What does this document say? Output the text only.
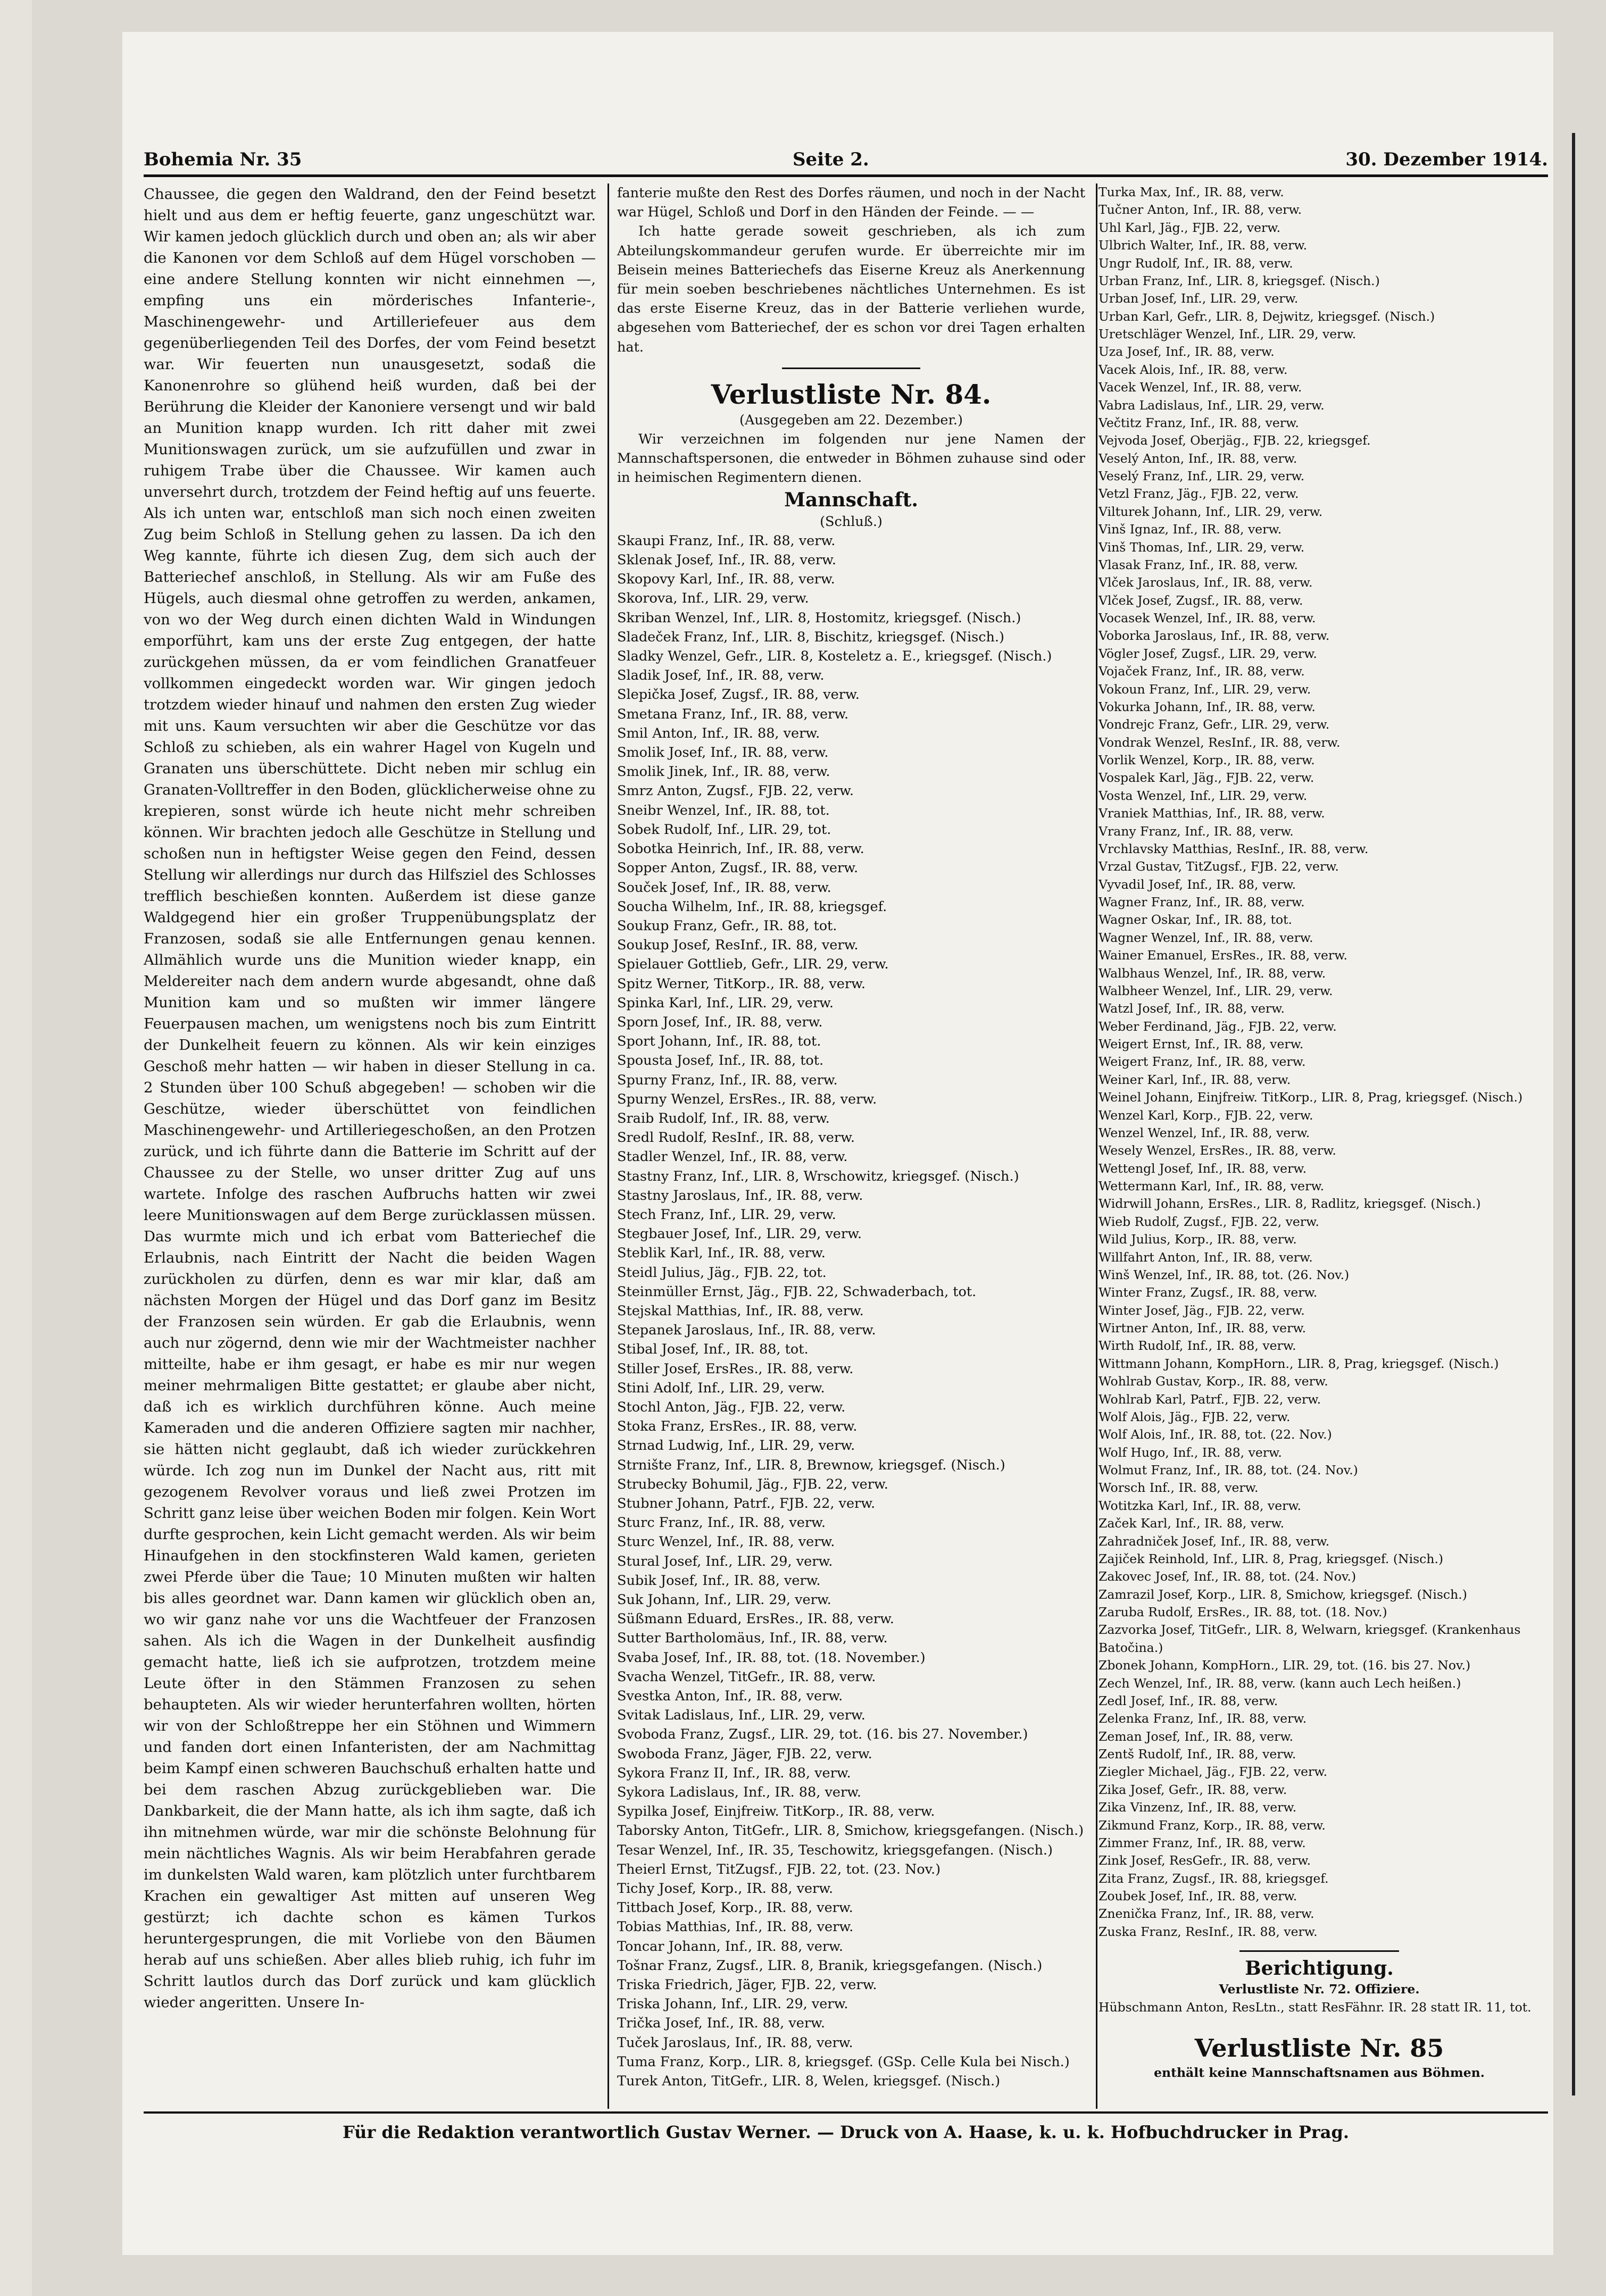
Bohemia Nr. 35	Seite 2.	30. Dezember 1914.

Chaussee, die gegen den Waldrand, den der Feind besetzt hielt und aus dem er heftig feuerte, ganz ungeschützt war. Wir kamen jedoch glücklich durch und oben an; als wir aber die Kanonen vor dem Schloß auf dem Hügel vorschoben — eine andere Stellung konnten wir nicht einnehmen —, empfing uns ein mörderisches Infanterie-, Maschinengewehr- und Artilleriefeuer aus dem gegenüberliegenden Teil des Dorfes, der vom Feind besetzt war. Wir feuerten nun unausgesetzt, sodaß die Kanonenrohre so glühend heiß wurden, daß bei der Berührung die Kleider der Kanoniere versengt und wir bald an Munition knapp wurden. Ich ritt daher mit zwei Munitionswagen zurück, um sie aufzufüllen und zwar in ruhigem Trabe über die Chaussee. Wir kamen auch unversehrt durch, trotzdem der Feind heftig auf uns feuerte. Als ich unten war, entschloß man sich noch einen zweiten Zug beim Schloß in Stellung gehen zu lassen. Da ich den Weg kannte, führte ich diesen Zug, dem sich auch der Batteriechef anschloß, in Stellung. Als wir am Fuße des Hügels, auch diesmal ohne getroffen zu werden, ankamen, von wo der Weg durch einen dichten Wald in Windungen emporführt, kam uns der erste Zug entgegen, der hatte zurückgehen müssen, da er vom feindlichen Granatfeuer vollkommen eingedeckt worden war. Wir gingen jedoch trotzdem wieder hinauf und nahmen den ersten Zug wieder mit uns. Kaum versuchten wir aber die Geschütze vor das Schloß zu schieben, als ein wahrer Hagel von Kugeln und Granaten uns überschüttete. Dicht neben mir schlug ein Granaten-Volltreffer in den Boden, glücklicherweise ohne zu krepieren, sonst würde ich heute nicht mehr schreiben können. Wir brachten jedoch alle Geschütze in Stellung und schoßen nun in heftigster Weise gegen den Feind, dessen Stellung wir allerdings nur durch das Hilfsziel des Schlosses trefflich beschießen konnten. Außerdem ist diese ganze Waldgegend hier ein großer Truppenübungsplatz der Franzosen, sodaß sie alle Entfernungen genau kennen. Allmählich wurde uns die Munition wieder knapp, ein Meldereiter nach dem andern wurde abgesandt, ohne daß Munition kam und so mußten wir immer längere Feuerpausen machen, um wenigstens noch bis zum Eintritt der Dunkelheit feuern zu können. Als wir kein einziges Geschoß mehr hatten — wir haben in dieser Stellung in ca. 2 Stunden über 100 Schuß abgegeben! — schoben wir die Geschütze, wieder überschüttet von feindlichen Maschinengewehr- und Artilleriegeschoßen, an den Protzen zurück, und ich führte dann die Batterie im Schritt auf der Chaussee zu der Stelle, wo unser dritter Zug auf uns wartete. Infolge des raschen Aufbruchs hatten wir zwei leere Munitionswagen auf dem Berge zurücklassen müssen. Das wurmte mich und ich erbat vom Batteriechef die Erlaubnis, nach Eintritt der Nacht die beiden Wagen zurückholen zu dürfen, denn es war mir klar, daß am nächsten Morgen der Hügel und das Dorf ganz im Besitz der Franzosen sein würden. Er gab die Erlaubnis, wenn auch nur zögernd, denn wie mir der Wachtmeister nachher mitteilte, habe er ihm gesagt, er habe es mir nur wegen meiner mehrmaligen Bitte gestattet; er glaube aber nicht, daß ich es wirklich durchführen könne. Auch meine Kameraden und die anderen Offiziere sagten mir nachher, sie hätten nicht geglaubt, daß ich wieder zurückkehren würde. Ich zog nun im Dunkel der Nacht aus, ritt mit gezogenem Revolver voraus und ließ zwei Protzen im Schritt ganz leise über weichen Boden mir folgen. Kein Wort durfte gesprochen, kein Licht gemacht werden. Als wir beim Hinaufgehen in den stockfinsteren Wald kamen, gerieten zwei Pferde über die Taue; 10 Minuten mußten wir halten bis alles geordnet war. Dann kamen wir glücklich oben an, wo wir ganz nahe vor uns die Wachtfeuer der Franzosen sahen. Als ich die Wagen in der Dunkelheit ausfindig gemacht hatte, ließ ich sie aufprotzen, trotzdem meine Leute öfter in den Stämmen Franzosen zu sehen behaupteten. Als wir wieder herunterfahren wollten, hörten wir von der Schloßtreppe her ein Stöhnen und Wimmern und fanden dort einen Infanteristen, der am Nachmittag beim Kampf einen schweren Bauchschuß erhalten hatte und bei dem raschen Abzug zurückgeblieben war. Die Dankbarkeit, die der Mann hatte, als ich ihm sagte, daß ich ihn mitnehmen würde, war mir die schönste Belohnung für mein nächtliches Wagnis. Als wir beim Herabfahren gerade im dunkelsten Wald waren, kam plötzlich unter furchtbarem Krachen ein gewaltiger Ast mitten auf unseren Weg gestürzt; ich dachte schon es kämen Turkos heruntergesprungen, die mit Vorliebe von den Bäumen herab auf uns schießen. Aber alles blieb ruhig, ich fuhr im Schritt lautlos durch das Dorf zurück und kam glücklich wieder angeritten. Unsere In-

fanterie mußte den Rest des Dorfes räumen, und noch in der Nacht war Hügel, Schloß und Dorf in den Händen der Feinde. — —

Ich hatte gerade soweit geschrieben, als ich zum Abteilungskommandeur gerufen wurde. Er überreichte mir im Beisein meines Batteriechefs das Eiserne Kreuz als Anerkennung für mein soeben beschriebenes nächtliches Unternehmen. Es ist das erste Eiserne Kreuz, das in der Batterie verliehen wurde, abgesehen vom Batteriechef, der es schon vor drei Tagen erhalten hat.

Verlustliste Nr. 84.
(Ausgegeben am 22. Dezember.)

Wir verzeichnen im folgenden nur jene Namen der Mannschaftspersonen, die entweder in Böhmen zuhause sind oder in heimischen Regimentern dienen.

Mannschaft.
(Schluß.)
Skaupi Franz, Inf., IR. 88, verw.
Sklenak Josef, Inf., IR. 88, verw.
Skopovy Karl, Inf., IR. 88, verw.
Skorova, Inf., LIR. 29, verw.
Skriban Wenzel, Inf., LIR. 8, Hostomitz, kriegsgef. (Nisch.)
Sladeček Franz, Inf., LIR. 8, Bischitz, kriegsgef. (Nisch.)
Sladky Wenzel, Gefr., LIR. 8, Kosteletz a. E., kriegsgef. (Nisch.)
Sladik Josef, Inf., IR. 88, verw.
Slepička Josef, Zugsf., IR. 88, verw.
Smetana Franz, Inf., IR. 88, verw.
Smil Anton, Inf., IR. 88, verw.
Smolik Josef, Inf., IR. 88, verw.
Smolik Jinek, Inf., IR. 88, verw.
Smrz Anton, Zugsf., FJB. 22, verw.
Sneibr Wenzel, Inf., IR. 88, tot.
Sobek Rudolf, Inf., LIR. 29, tot.
Sobotka Heinrich, Inf., IR. 88, verw.
Sopper Anton, Zugsf., IR. 88, verw.
Souček Josef, Inf., IR. 88, verw.
Soucha Wilhelm, Inf., IR. 88, kriegsgef.
Soukup Franz, Gefr., IR. 88, tot.
Soukup Josef, ResInf., IR. 88, verw.
Spielauer Gottlieb, Gefr., LIR. 29, verw.
Spitz Werner, TitKorp., IR. 88, verw.
Spinka Karl, Inf., LIR. 29, verw.
Sporn Josef, Inf., IR. 88, verw.
Sport Johann, Inf., IR. 88, tot.
Spousta Josef, Inf., IR. 88, tot.
Spurny Franz, Inf., IR. 88, verw.
Spurny Wenzel, ErsRes., IR. 88, verw.
Sraib Rudolf, Inf., IR. 88, verw.
Sredl Rudolf, ResInf., IR. 88, verw.
Stadler Wenzel, Inf., IR. 88, verw.
Stastny Franz, Inf., LIR. 8, Wrschowitz, kriegsgef. (Nisch.)
Stastny Jaroslaus, Inf., IR. 88, verw.
Stech Franz, Inf., LIR. 29, verw.
Stegbauer Josef, Inf., LIR. 29, verw.
Steblik Karl, Inf., IR. 88, verw.
Steidl Julius, Jäg., FJB. 22, tot.
Steinmüller Ernst, Jäg., FJB. 22, Schwaderbach, tot.
Stejskal Matthias, Inf., IR. 88, verw.
Stepanek Jaroslaus, Inf., IR. 88, verw.
Stibal Josef, Inf., IR. 88, tot.
Stiller Josef, ErsRes., IR. 88, verw.
Stini Adolf, Inf., LIR. 29, verw.
Stochl Anton, Jäg., FJB. 22, verw.
Stoka Franz, ErsRes., IR. 88, verw.
Strnad Ludwig, Inf., LIR. 29, verw.
Strnište Franz, Inf., LIR. 8, Brewnow, kriegsgef. (Nisch.)
Strubecky Bohumil, Jäg., FJB. 22, verw.
Stubner Johann, Patrf., FJB. 22, verw.
Sturc Franz, Inf., IR. 88, verw.
Sturc Wenzel, Inf., IR. 88, verw.
Stural Josef, Inf., LIR. 29, verw.
Subik Josef, Inf., IR. 88, verw.
Suk Johann, Inf., LIR. 29, verw.
Süßmann Eduard, ErsRes., IR. 88, verw.
Sutter Bartholomäus, Inf., IR. 88, verw.
Svaba Josef, Inf., IR. 88, tot. (18. November.)
Svacha Wenzel, TitGefr., IR. 88, verw.
Svestka Anton, Inf., IR. 88, verw.
Svitak Ladislaus, Inf., LIR. 29, verw.
Svoboda Franz, Zugsf., LIR. 29, tot. (16. bis 27. November.)
Swoboda Franz, Jäger, FJB. 22, verw.
Sykora Franz II, Inf., IR. 88, verw.
Sykora Ladislaus, Inf., IR. 88, verw.
Sypilka Josef, Einjfreiw. TitKorp., IR. 88, verw.
Taborsky Anton, TitGefr., LIR. 8, Smichow, kriegsgefangen. (Nisch.)
Tesar Wenzel, Inf., IR. 35, Teschowitz, kriegsgefangen. (Nisch.)
Theierl Ernst, TitZugsf., FJB. 22, tot. (23. Nov.)
Tichy Josef, Korp., IR. 88, verw.
Tittbach Josef, Korp., IR. 88, verw.
Tobias Matthias, Inf., IR. 88, verw.
Toncar Johann, Inf., IR. 88, verw.
Tošnar Franz, Zugsf., LIR. 8, Branik, kriegsgefangen. (Nisch.)
Triska Friedrich, Jäger, FJB. 22, verw.
Triska Johann, Inf., LIR. 29, verw.
Trička Josef, Inf., IR. 88, verw.
Tuček Jaroslaus, Inf., IR. 88, verw.
Tuma Franz, Korp., LIR. 8, kriegsgef. (GSp. Celle Kula bei Nisch.)
Turek Anton, TitGefr., LIR. 8, Welen, kriegsgef. (Nisch.)
Turka Max, Inf., IR. 88, verw.
Tučner Anton, Inf., IR. 88, verw.
Uhl Karl, Jäg., FJB. 22, verw.
Ulbrich Walter, Inf., IR. 88, verw.
Ungr Rudolf, Inf., IR. 88, verw.
Urban Franz, Inf., LIR. 8, kriegsgef. (Nisch.)
Urban Josef, Inf., LIR. 29, verw.
Urban Karl, Gefr., LIR. 8, Dejwitz, kriegsgef. (Nisch.)
Uretschläger Wenzel, Inf., LIR. 29, verw.
Uza Josef, Inf., IR. 88, verw.
Vacek Alois, Inf., IR. 88, verw.
Vacek Wenzel, Inf., IR. 88, verw.
Vabra Ladislaus, Inf., LIR. 29, verw.
Večtitz Franz, Inf., IR. 88, verw.
Vejvoda Josef, Oberjäg., FJB. 22, kriegsgef.
Veselý Anton, Inf., IR. 88, verw.
Veselý Franz, Inf., LIR. 29, verw.
Vetzl Franz, Jäg., FJB. 22, verw.
Vilturek Johann, Inf., LIR. 29, verw.
Vinš Ignaz, Inf., IR. 88, verw.
Vinš Thomas, Inf., LIR. 29, verw.
Vlasak Franz, Inf., IR. 88, verw.
Vlček Jaroslaus, Inf., IR. 88, verw.
Vlček Josef, Zugsf., IR. 88, verw.
Vocasek Wenzel, Inf., IR. 88, verw.
Voborka Jaroslaus, Inf., IR. 88, verw.
Vögler Josef, Zugsf., LIR. 29, verw.
Vojaček Franz, Inf., IR. 88, verw.
Vokoun Franz, Inf., LIR. 29, verw.
Vokurka Johann, Inf., IR. 88, verw.
Vondrejc Franz, Gefr., LIR. 29, verw.
Vondrak Wenzel, ResInf., IR. 88, verw.
Vorlik Wenzel, Korp., IR. 88, verw.
Vospalek Karl, Jäg., FJB. 22, verw.
Vosta Wenzel, Inf., LIR. 29, verw.
Vraniek Matthias, Inf., IR. 88, verw.
Vrany Franz, Inf., IR. 88, verw.
Vrchlavsky Matthias, ResInf., IR. 88, verw.
Vrzal Gustav, TitZugsf., FJB. 22, verw.
Vyvadil Josef, Inf., IR. 88, verw.
Wagner Franz, Inf., IR. 88, verw.
Wagner Oskar, Inf., IR. 88, tot.
Wagner Wenzel, Inf., IR. 88, verw.
Wainer Emanuel, ErsRes., IR. 88, verw.
Walbhaus Wenzel, Inf., IR. 88, verw.
Walbheer Wenzel, Inf., LIR. 29, verw.
Watzl Josef, Inf., IR. 88, verw.
Weber Ferdinand, Jäg., FJB. 22, verw.
Weigert Ernst, Inf., IR. 88, verw.
Weigert Franz, Inf., IR. 88, verw.
Weiner Karl, Inf., IR. 88, verw.
Weinel Johann, Einjfreiw. TitKorp., LIR. 8, Prag, kriegsgef. (Nisch.)
Wenzel Karl, Korp., FJB. 22, verw.
Wenzel Wenzel, Inf., IR. 88, verw.
Wesely Wenzel, ErsRes., IR. 88, verw.
Wettengl Josef, Inf., IR. 88, verw.
Wettermann Karl, Inf., IR. 88, verw.
Widrwill Johann, ErsRes., LIR. 8, Radlitz, kriegsgef. (Nisch.)
Wieb Rudolf, Zugsf., FJB. 22, verw.
Wild Julius, Korp., IR. 88, verw.
Willfahrt Anton, Inf., IR. 88, verw.
Winš Wenzel, Inf., IR. 88, tot. (26. Nov.)
Winter Franz, Zugsf., IR. 88, verw.
Winter Josef, Jäg., FJB. 22, verw.
Wirtner Anton, Inf., IR. 88, verw.
Wirth Rudolf, Inf., IR. 88, verw.
Wittmann Johann, KompHorn., LIR. 8, Prag, kriegsgef. (Nisch.)
Wohlrab Gustav, Korp., IR. 88, verw.
Wohlrab Karl, Patrf., FJB. 22, verw.
Wolf Alois, Jäg., FJB. 22, verw.
Wolf Alois, Inf., IR. 88, tot. (22. Nov.)
Wolf Hugo, Inf., IR. 88, verw.
Wolmut Franz, Inf., IR. 88, tot. (24. Nov.)
Worsch Inf., IR. 88, verw.
Wotitzka Karl, Inf., IR. 88, verw.
Začek Karl, Inf., IR. 88, verw.
Zahradniček Josef, Inf., IR. 88, verw.
Zajiček Reinhold, Inf., LIR. 8, Prag, kriegsgef. (Nisch.)
Zakovec Josef, Inf., IR. 88, tot. (24. Nov.)
Zamrazil Josef, Korp., LIR. 8, Smichow, kriegsgef. (Nisch.)
Zaruba Rudolf, ErsRes., IR. 88, tot. (18. Nov.)
Zazvorka Josef, TitGefr., LIR. 8, Welwarn, kriegsgef. (Krankenhaus Batočina.)
Zbonek Johann, KompHorn., LIR. 29, tot. (16. bis 27. Nov.)
Zech Wenzel, Inf., IR. 88, verw. (kann auch Lech heißen.)
Zedl Josef, Inf., IR. 88, verw.
Zelenka Franz, Inf., IR. 88, verw.
Zeman Josef, Inf., IR. 88, verw.
Zentš Rudolf, Inf., IR. 88, verw.
Ziegler Michael, Jäg., FJB. 22, verw.
Zika Josef, Gefr., IR. 88, verw.
Zika Vinzenz, Inf., IR. 88, verw.
Zikmund Franz, Korp., IR. 88, verw.
Zimmer Franz, Inf., IR. 88, verw.
Zink Josef, ResGefr., IR. 88, verw.
Zita Franz, Zugsf., IR. 88, kriegsgef.
Zoubek Josef, Inf., IR. 88, verw.
Znenička Franz, Inf., IR. 88, verw.
Zuska Franz, ResInf., IR. 88, verw.
Berichtigung.
Verlustliste Nr. 72. Offiziere.
Hübschmann Anton, ResLtn., statt ResFähnr. IR. 28 statt IR. 11, tot.
Verlustliste Nr. 85
enthält keine Mannschaftsnamen aus Böhmen.
Für die Redaktion verantwortlich Gustav Werner. — Druck von A. Haase, k. u. k. Hofbuchdrucker in Prag.
